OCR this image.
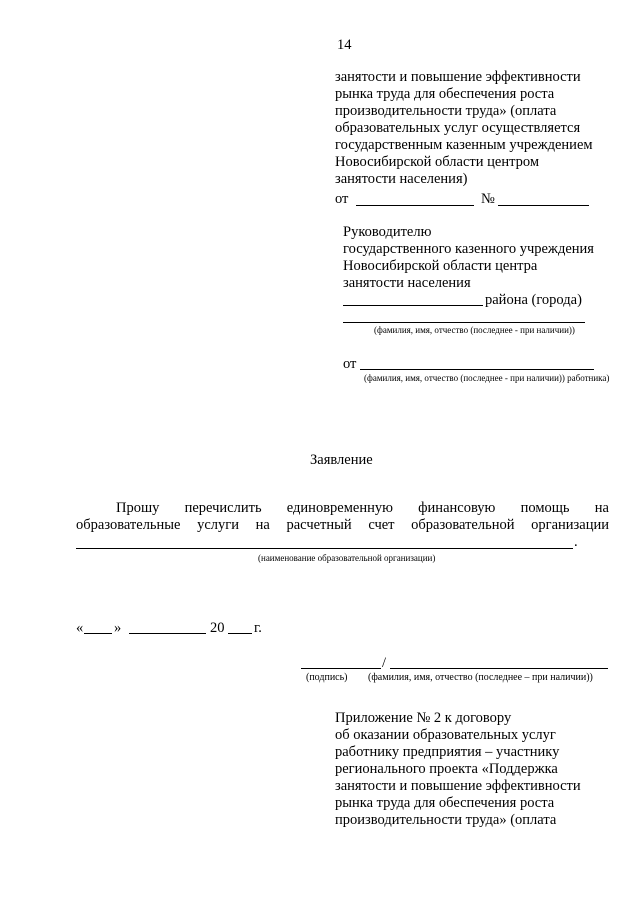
14
занятости и повышение эффективности
рынка труда для обеспечения роста
производительности труда» (оплата
образовательных услуг осуществляется
государственным казенным учреждением
Новосибирской области центром
занятости населения)
от	№
Руководителю
государственного казенного учреждения
Новосибирской области центра
занятости населения
района (города)
(фамилия, имя, отчество (последнее - при наличии))
от
(фамилия, имя, отчество (последнее - при наличии)) работника)
Заявление
Прошу перечислить единовременную финансовую помощь на
образовательные услуги на расчетный счет образовательной организации
.
(наименование образовательной организации)
« »	20 г.
/
(подпись) (фамилия, имя, отчество (последнее – при наличии))
Приложение № 2 к договору
об оказании образовательных услуг
работнику предприятия – участнику
регионального проекта «Поддержка
занятости и повышение эффективности
рынка труда для обеспечения роста
производительности труда» (оплата
